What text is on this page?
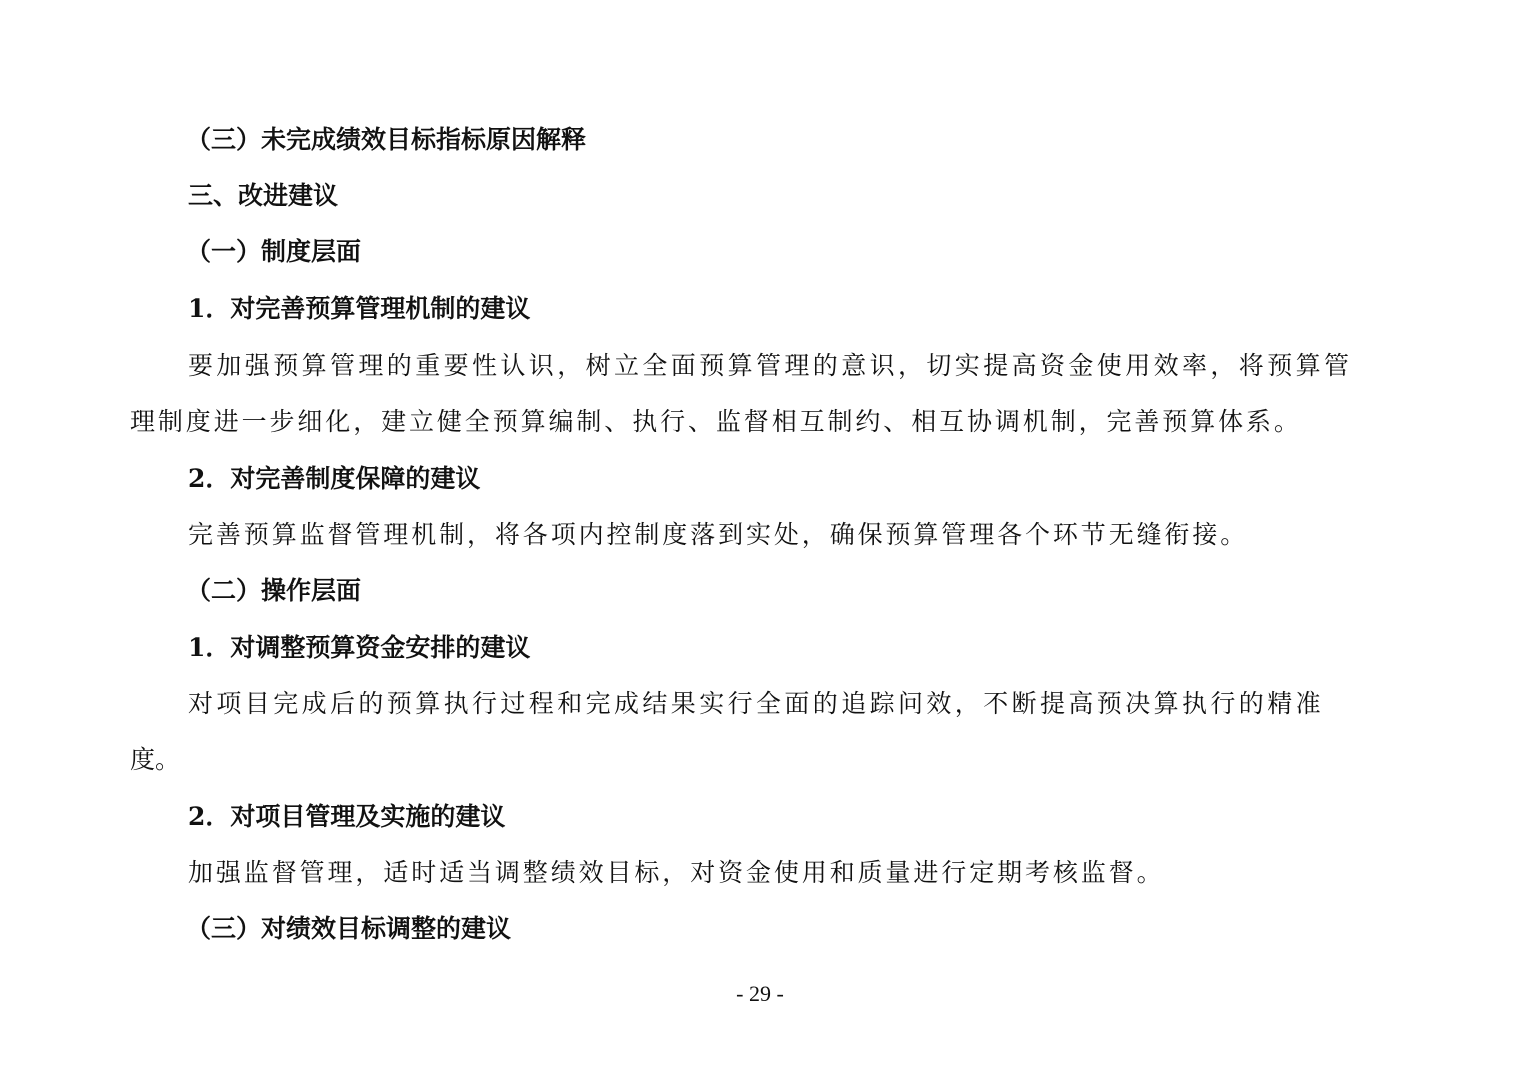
（三）未完成绩效目标指标原因解释
三、改进建议
（一）制度层面
1．对完善预算管理机制的建议
要加强预算管理的重要性认识，树立全面预算管理的意识，切实提高资金使用效率，将预算管
理制度进一步细化，建立健全预算编制、执行、监督相互制约、相互协调机制，完善预算体系。
2．对完善制度保障的建议
完善预算监督管理机制，将各项内控制度落到实处，确保预算管理各个环节无缝衔接。
（二）操作层面
1．对调整预算资金安排的建议
对项目完成后的预算执行过程和完成结果实行全面的追踪问效，不断提高预决算执行的精准
度。
2．对项目管理及实施的建议
加强监督管理，适时适当调整绩效目标，对资金使用和质量进行定期考核监督。
（三）对绩效目标调整的建议
- 29 -
